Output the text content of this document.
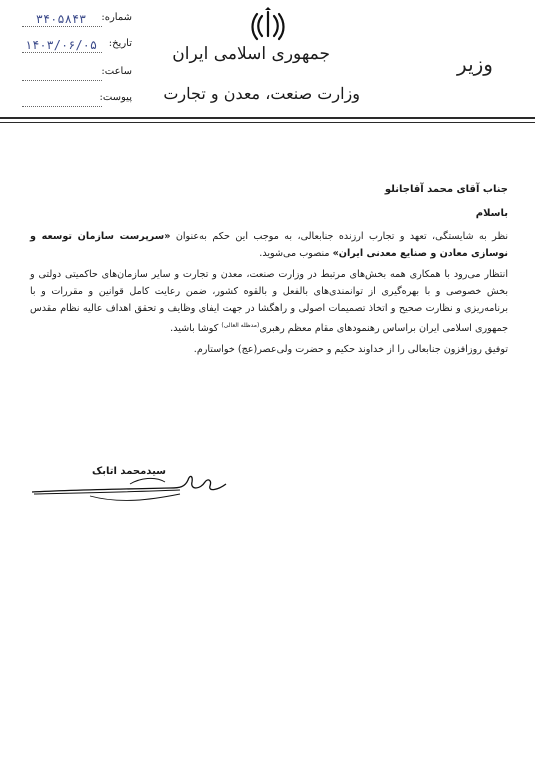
جمهوری اسلامی ایران
وزارت صنعت، معدن و تجارت
وزیر
۳۴۰۵۸۴۳	شماره:
۱۴۰۳/۰۶/۰۵ تاریخ:
ساعت:
پیوست:
جناب آقای محمد آقاجانلو
باسلام

نظر به شایستگی، تعهد و تجارب ارزنده جنابعالی، به موجب این حکم به‌عنوان «سرپرست سازمان توسعه و نوسازی معادن و صنایع معدنی ایران» منصوب می‌شوید.

انتظار می‌رود با همکاری همه بخش‌های مرتبط در وزارت صنعت، معدن و تجارت و سایر سازمان‌های حاکمیتی دولتی و بخش خصوصی و با بهره‌گیری از توانمندی‌های بالفعل و بالقوه کشور، ضمن رعایت کامل قوانین و مقررات و با برنامه‌ریزی و نظارت صحیح و اتخاذ تصمیمات اصولی و راهگشا در جهت ایفای وظایف و تحقق اهداف عالیه نظام مقدس جمهوری اسلامی ایران براساس رهنمودهای مقام معظم رهبری$^{(مدظله العالی)}$ کوشا باشید.

توفیق روزافزون جنابعالی را از خداوند حکیم و حضرت ولی‌عصر(عج) خواستارم.

سیدمحمد اتابک
